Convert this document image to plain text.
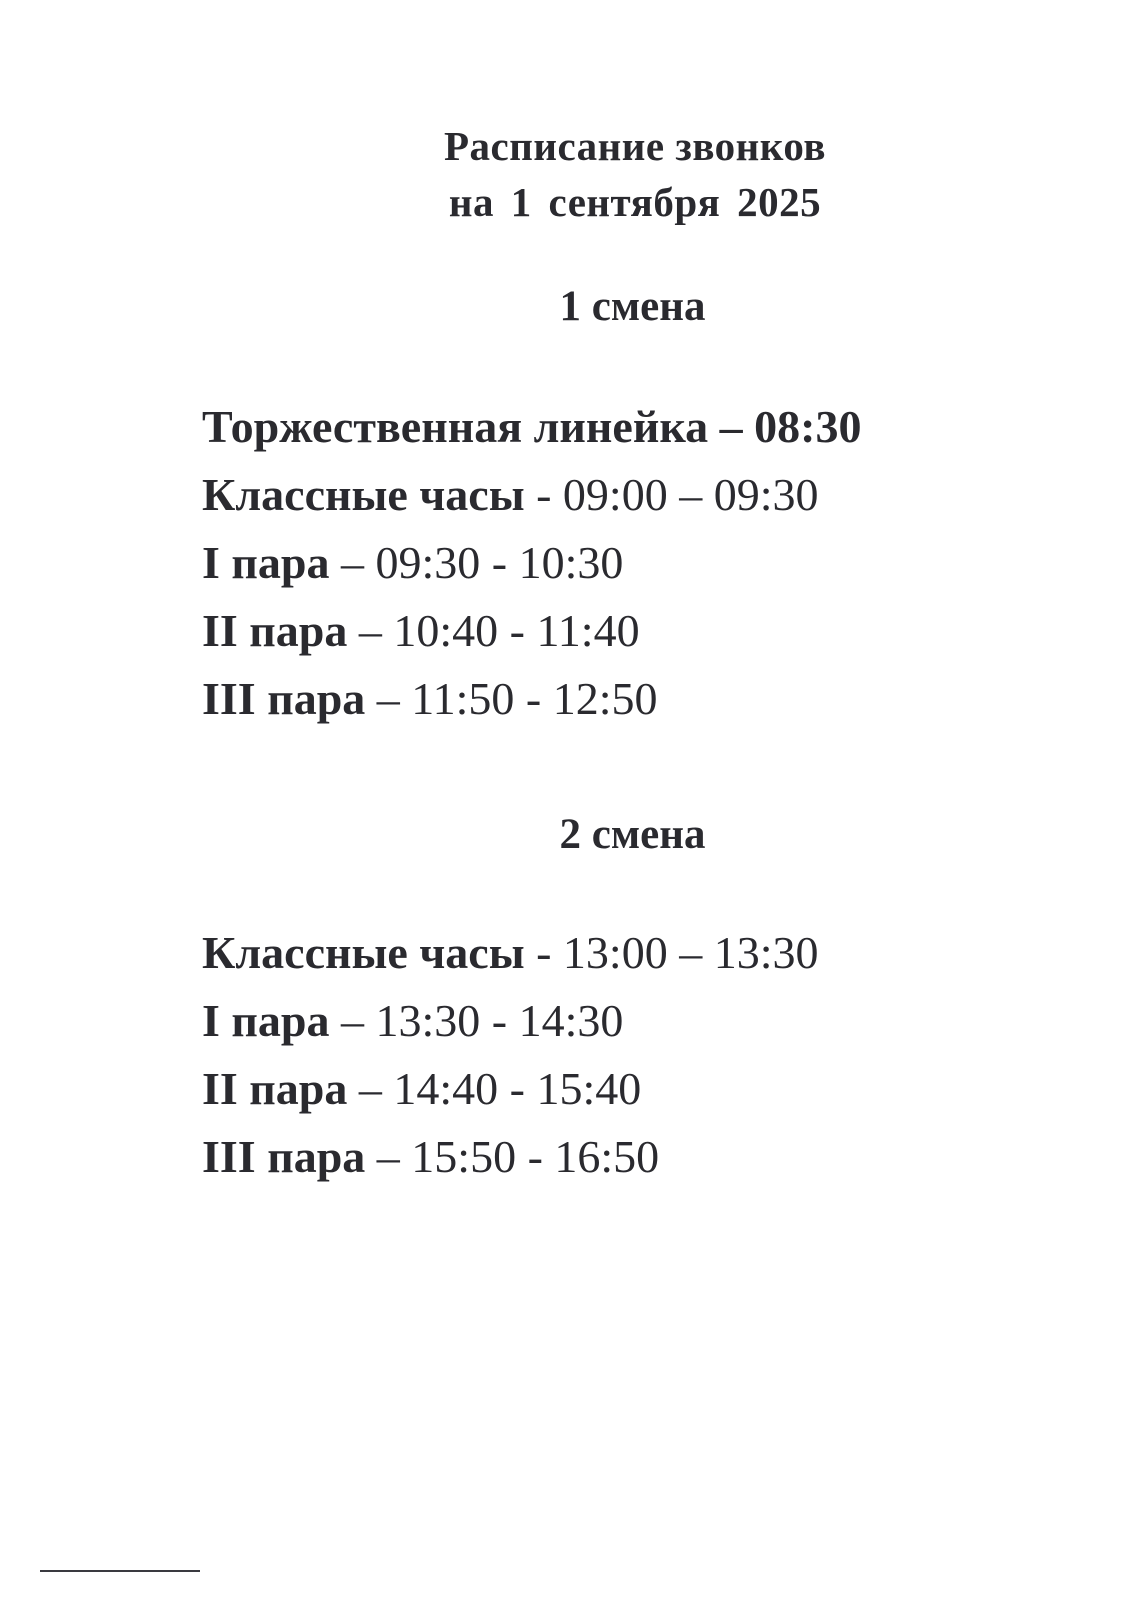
Расписание звонков
на 1 сентября 2025
1 смена
Торжественная линейка – 08:30
Классные часы - 09:00 – 09:30
I пара – 09:30 - 10:30
II пара – 10:40 - 11:40
III пара – 11:50 - 12:50
2 смена
Классные часы - 13:00 – 13:30
I пара – 13:30 - 14:30
II пара – 14:40 - 15:40
III пара – 15:50 - 16:50
